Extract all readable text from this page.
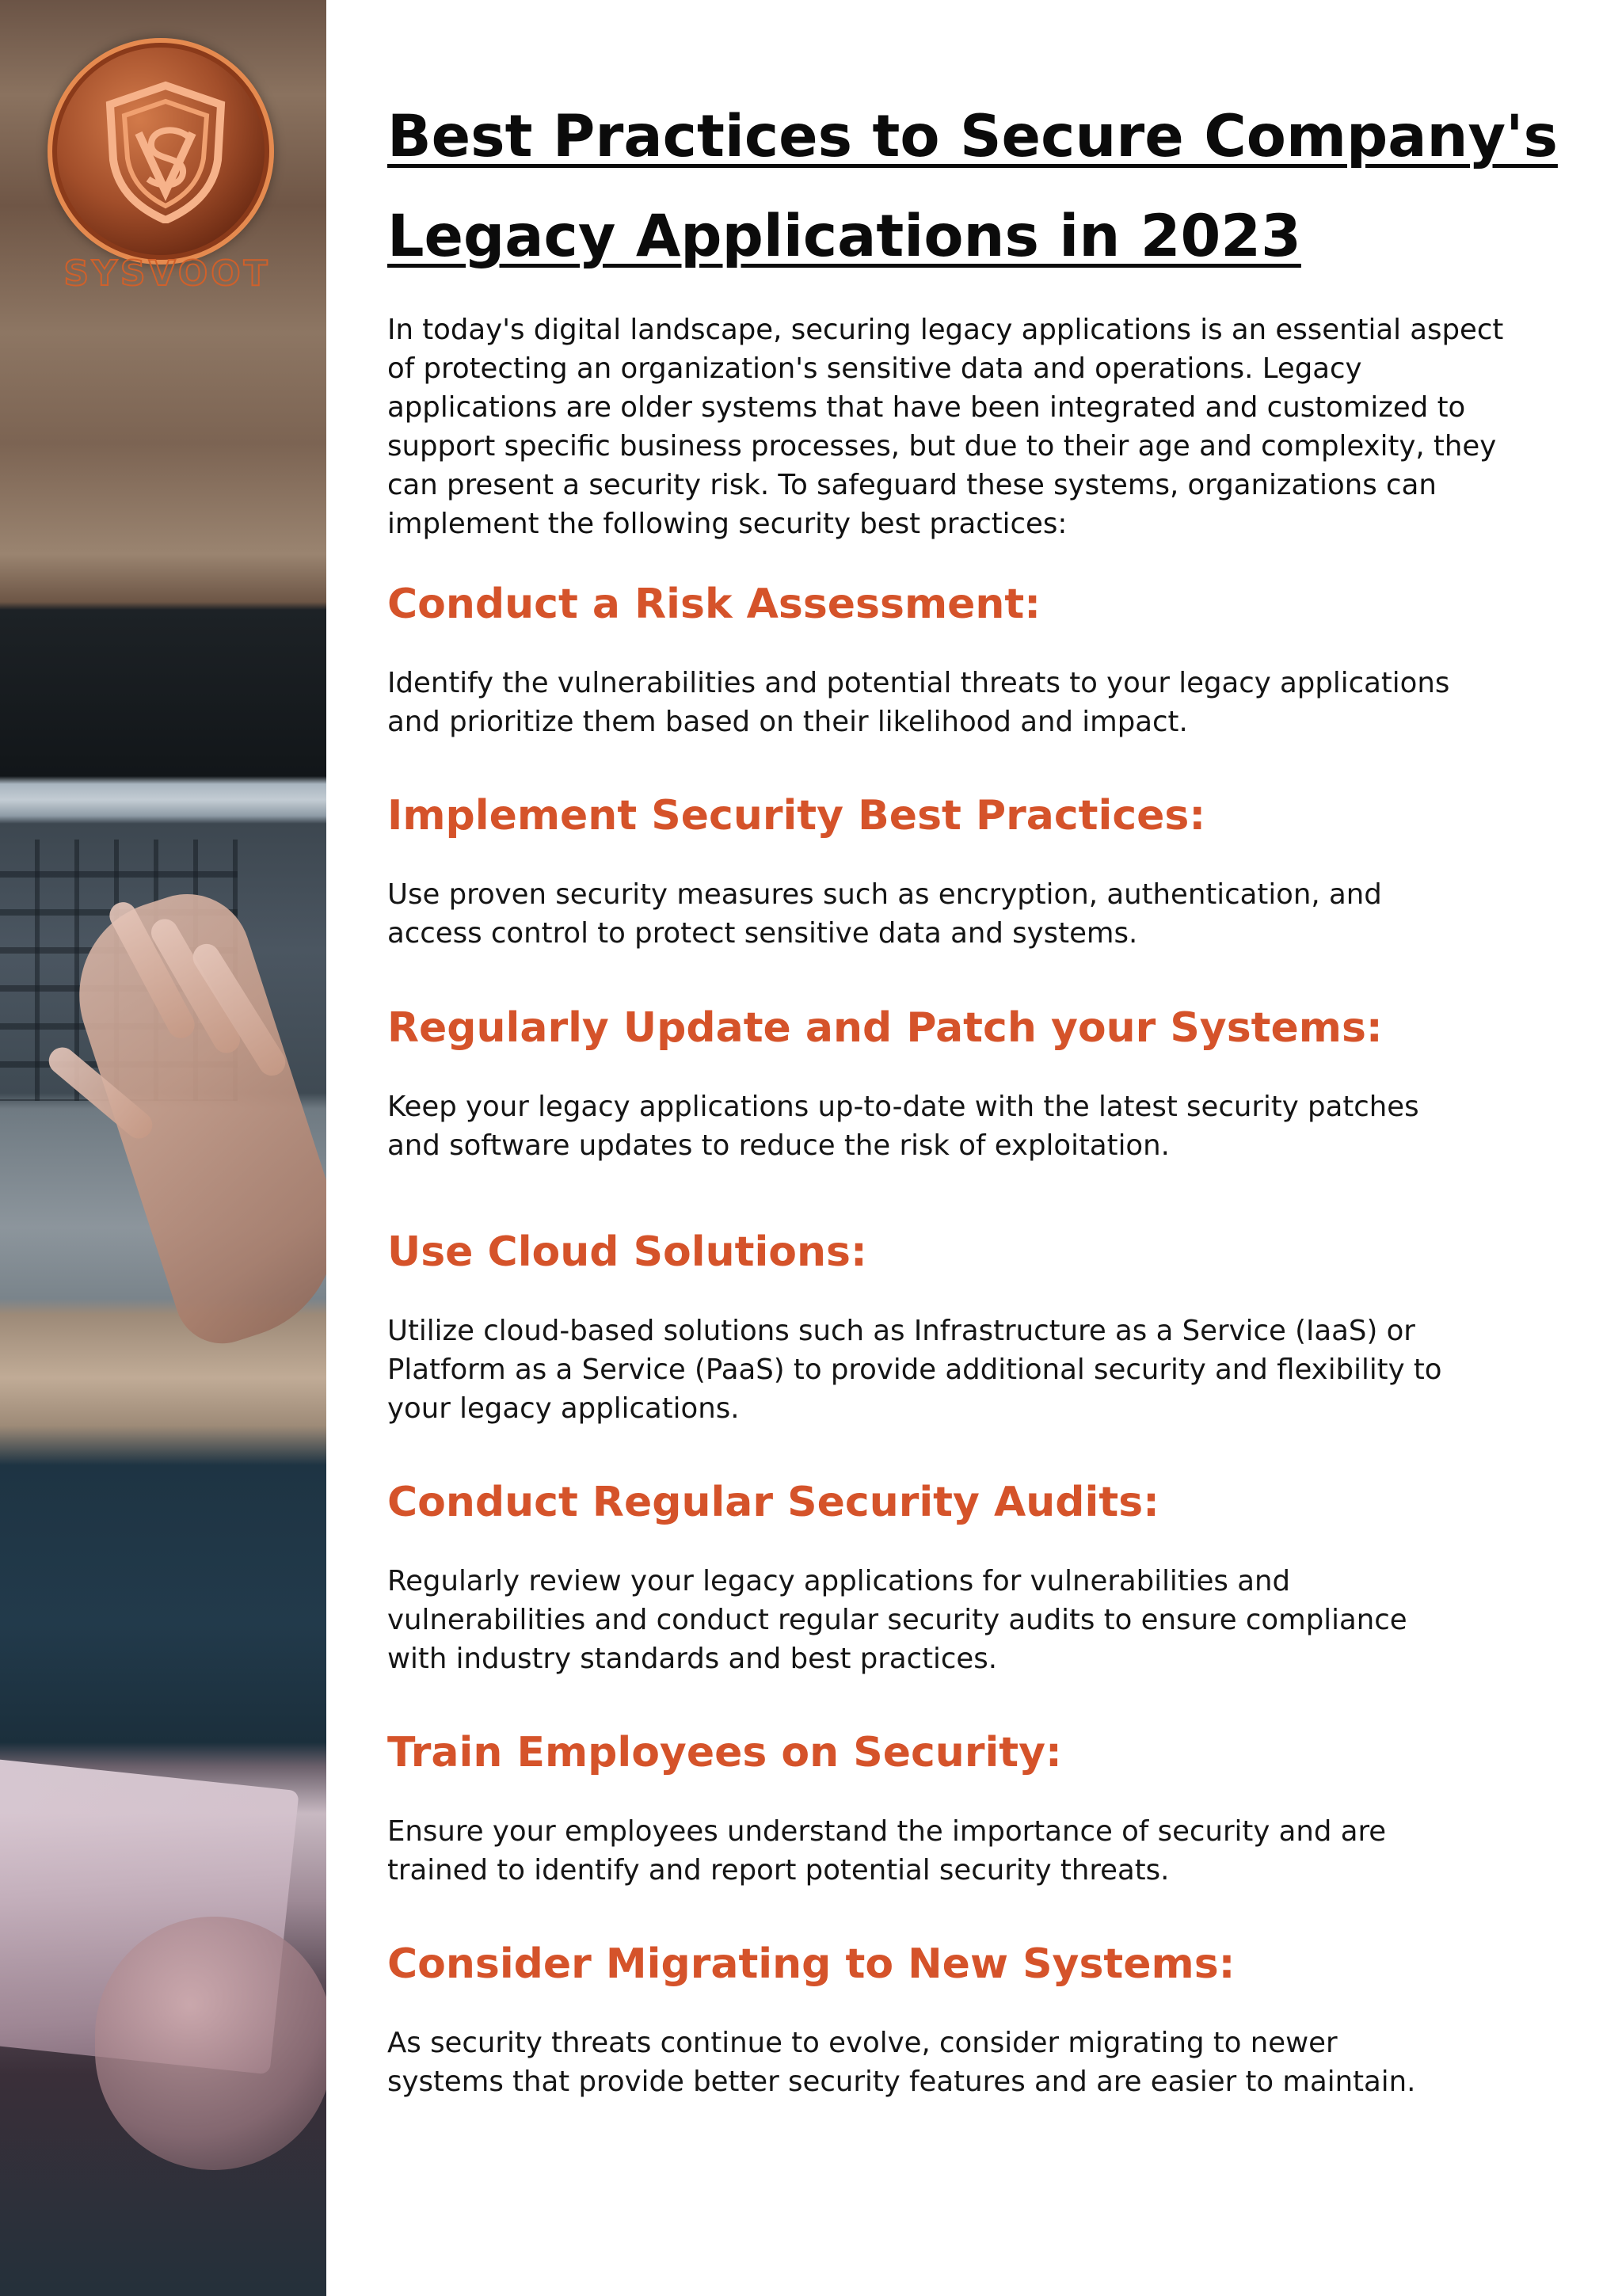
SYSVOOT
Best Practices to Secure Company's Legacy Applications in 2023

In today's digital landscape, securing legacy applications is an essential aspect of protecting an organization's sensitive data and operations. Legacy applications are older systems that have been integrated and customized to support specific business processes, but due to their age and complexity, they can present a security risk. To safeguard these systems, organizations can implement the following security best practices:

Conduct a Risk Assessment:

Identify the vulnerabilities and potential threats to your legacy applications and prioritize them based on their likelihood and impact.

Implement Security Best Practices:

Use proven security measures such as encryption, authentication, and access control to protect sensitive data and systems.

Regularly Update and Patch your Systems:

Keep your legacy applications up-to-date with the latest security patches and software updates to reduce the risk of exploitation.

Use Cloud Solutions:

Utilize cloud-based solutions such as Infrastructure as a Service (IaaS) or Platform as a Service (PaaS) to provide additional security and flexibility to your legacy applications.

Conduct Regular Security Audits:

Regularly review your legacy applications for vulnerabilities and vulnerabilities and conduct regular security audits to ensure compliance with industry standards and best practices.

Train Employees on Security:

Ensure your employees understand the importance of security and are trained to identify and report potential security threats.

Consider Migrating to New Systems:

As security threats continue to evolve, consider migrating to newer systems that provide better security features and are easier to maintain.
